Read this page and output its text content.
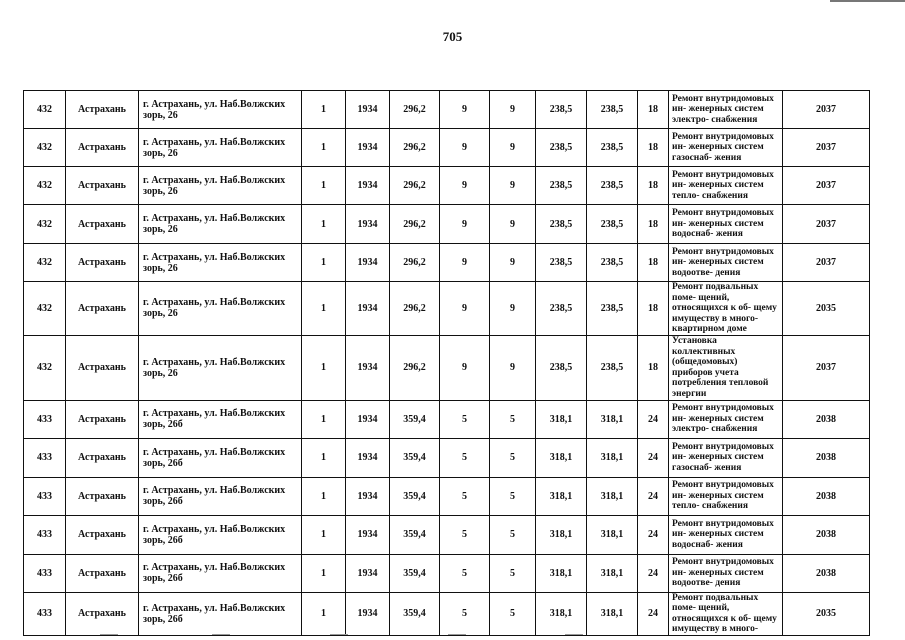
705
432	Астрахань	г. Астрахань, ул. Наб.Волжских зорь, 26	1	1934	296,2	9	9	238,5	238,5	18	Ремонт внутридомовых ин- женерных систем электро- снабжения	2037
432	Астрахань	г. Астрахань, ул. Наб.Волжских зорь, 26	1	1934	296,2	9	9	238,5	238,5	18	Ремонт внутридомовых ин- женерных систем газоснаб- жения	2037
432	Астрахань	г. Астрахань, ул. Наб.Волжских зорь, 26	1	1934	296,2	9	9	238,5	238,5	18	Ремонт внутридомовых ин- женерных систем тепло- снабжения	2037
432	Астрахань	г. Астрахань, ул. Наб.Волжских зорь, 26	1	1934	296,2	9	9	238,5	238,5	18	Ремонт внутридомовых ин- женерных систем водоснаб- жения	2037
432	Астрахань	г. Астрахань, ул. Наб.Волжских зорь, 26	1	1934	296,2	9	9	238,5	238,5	18	Ремонт внутридомовых ин- женерных систем водоотве- дения	2037
432	Астрахань	г. Астрахань, ул. Наб.Волжских зорь, 26	1	1934	296,2	9	9	238,5	238,5	18	Ремонт подвальных поме- щений, относящихся к об- щему имуществу в много- квартирном доме	2035
432	Астрахань	г. Астрахань, ул. Наб.Волжских зорь, 26	1	1934	296,2	9	9	238,5	238,5	18	Установка коллективных (общедомовых) приборов учета потребления тепловой энергии	2037
433	Астрахань	г. Астрахань, ул. Наб.Волжских зорь, 26б	1	1934	359,4	5	5	318,1	318,1	24	Ремонт внутридомовых ин- женерных систем электро- снабжения	2038
433	Астрахань	г. Астрахань, ул. Наб.Волжских зорь, 26б	1	1934	359,4	5	5	318,1	318,1	24	Ремонт внутридомовых ин- женерных систем газоснаб- жения	2038
433	Астрахань	г. Астрахань, ул. Наб.Волжских зорь, 26б	1	1934	359,4	5	5	318,1	318,1	24	Ремонт внутридомовых ин- женерных систем тепло- снабжения	2038
433	Астрахань	г. Астрахань, ул. Наб.Волжских зорь, 26б	1	1934	359,4	5	5	318,1	318,1	24	Ремонт внутридомовых ин- женерных систем водоснаб- жения	2038
433	Астрахань	г. Астрахань, ул. Наб.Волжских зорь, 26б	1	1934	359,4	5	5	318,1	318,1	24	Ремонт внутридомовых ин- женерных систем водоотве- дения	2038
433	Астрахань	г. Астрахань, ул. Наб.Волжских зорь, 26б	1	1934	359,4	5	5	318,1	318,1	24	Ремонт подвальных поме- щений, относящихся к об- щему имуществу в много-	2035
